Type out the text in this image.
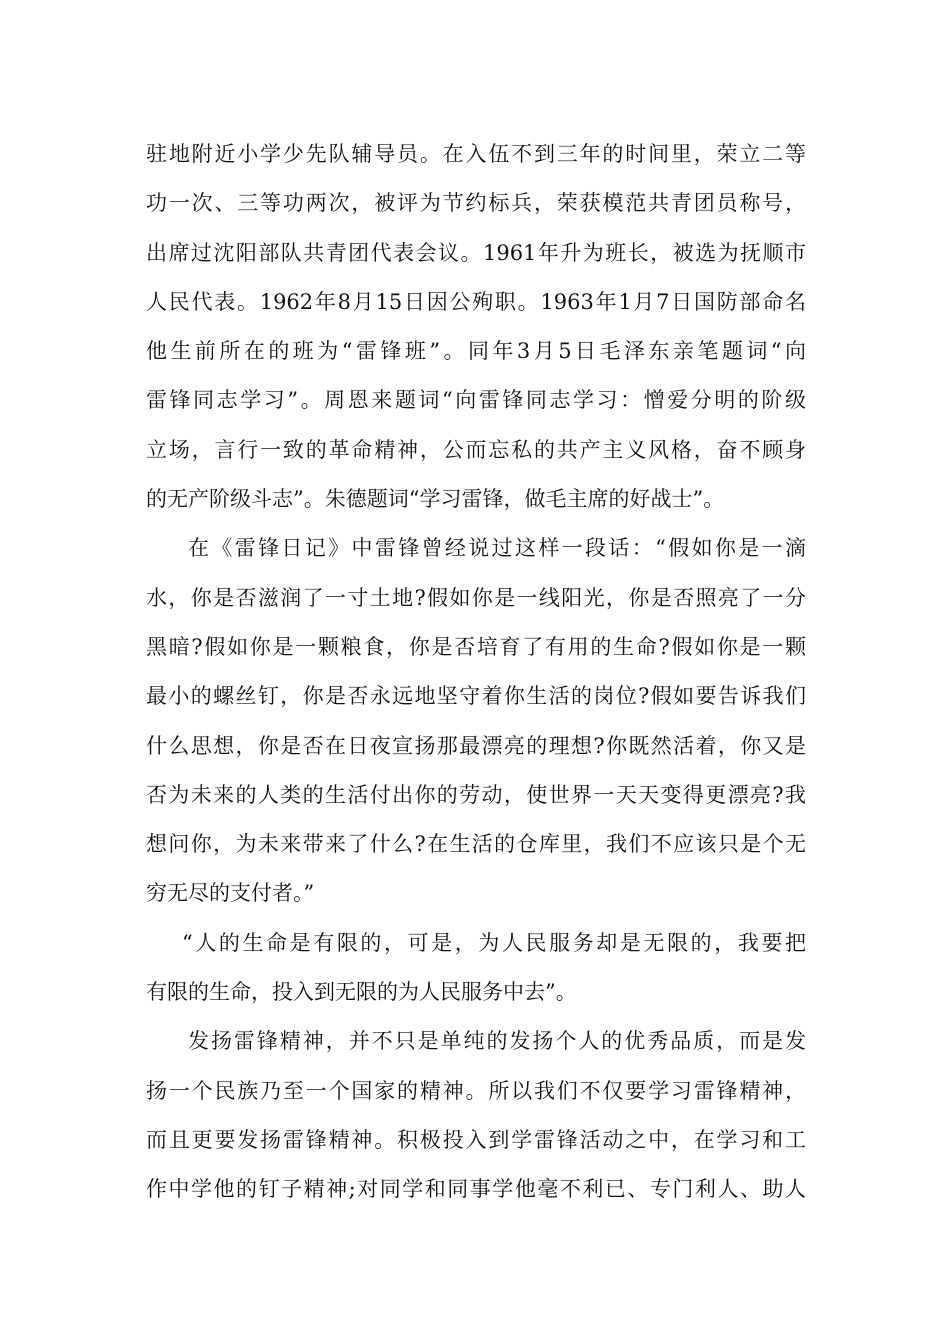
驻地附近小学少先队辅导员。在入伍不到三年的时间里，荣立二等
功一次、三等功两次，被评为节约标兵，荣获模范共青团员称号，
出席过沈阳部队共青团代表会议。1961年升为班长，被选为抚顺市
人民代表。1962年8月15日因公殉职。1963年1月7日国防部命名
他生前所在的班为“雷锋班”。同年3月5日毛泽东亲笔题词“向
雷锋同志学习”。周恩来题词“向雷锋同志学习：憎爱分明的阶级
立场，言行一致的革命精神，公而忘私的共产主义风格，奋不顾身
的无产阶级斗志”。朱德题词“学习雷锋，做毛主席的好战士”。
在《雷锋日记》中雷锋曾经说过这样一段话：“假如你是一滴
水，你是否滋润了一寸土地?假如你是一线阳光，你是否照亮了一分
黑暗?假如你是一颗粮食，你是否培育了有用的生命?假如你是一颗
最小的螺丝钉，你是否永远地坚守着你生活的岗位?假如要告诉我们
什么思想，你是否在日夜宣扬那最漂亮的理想?你既然活着，你又是
否为未来的人类的生活付出你的劳动，使世界一天天变得更漂亮?我
想问你，为未来带来了什么?在生活的仓库里，我们不应该只是个无
穷无尽的支付者。”
“人的生命是有限的，可是，为人民服务却是无限的，我要把
有限的生命，投入到无限的为人民服务中去”。
发扬雷锋精神，并不只是单纯的发扬个人的优秀品质，而是发
扬一个民族乃至一个国家的精神。所以我们不仅要学习雷锋精神，
而且更要发扬雷锋精神。积极投入到学雷锋活动之中，在学习和工
作中学他的钉子精神;对同学和同事学他毫不利已、专门利人、助人
